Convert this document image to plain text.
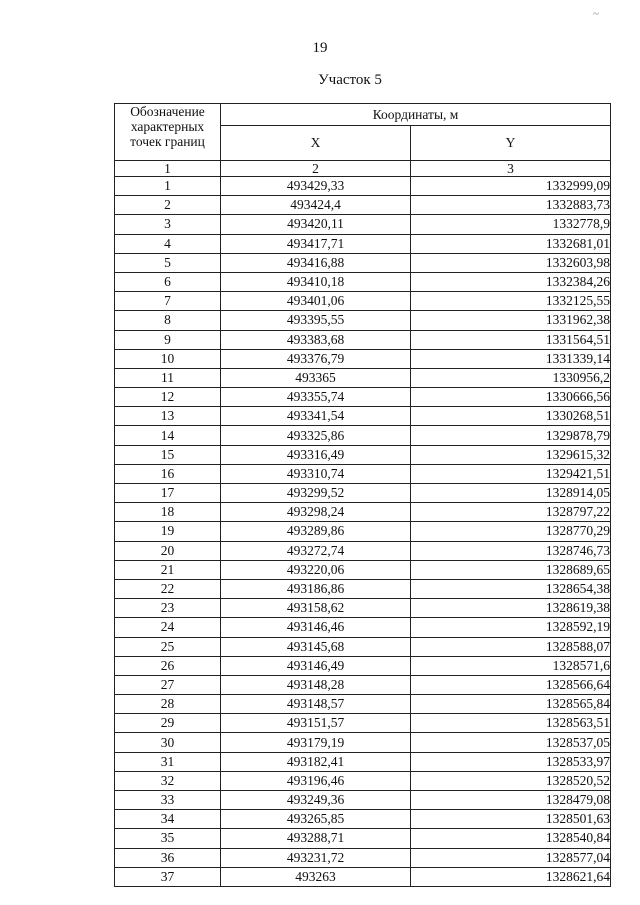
~
19
Участок 5
Обозначение характерных точек границ	Координаты, м	
	X	Y
1	2	3
1	493429,33	1332999,09
2	493424,4	1332883,73
3	493420,11	1332778,9
4	493417,71	1332681,01
5	493416,88	1332603,98
6	493410,18	1332384,26
7	493401,06	1332125,55
8	493395,55	1331962,38
9	493383,68	1331564,51
10	493376,79	1331339,14
11	493365	1330956,2
12	493355,74	1330666,56
13	493341,54	1330268,51
14	493325,86	1329878,79
15	493316,49	1329615,32
16	493310,74	1329421,51
17	493299,52	1328914,05
18	493298,24	1328797,22
19	493289,86	1328770,29
20	493272,74	1328746,73
21	493220,06	1328689,65
22	493186,86	1328654,38
23	493158,62	1328619,38
24	493146,46	1328592,19
25	493145,68	1328588,07
26	493146,49	1328571,6
27	493148,28	1328566,64
28	493148,57	1328565,84
29	493151,57	1328563,51
30	493179,19	1328537,05
31	493182,41	1328533,97
32	493196,46	1328520,52
33	493249,36	1328479,08
34	493265,85	1328501,63
35	493288,71	1328540,84
36	493231,72	1328577,04
37	493263	1328621,64
